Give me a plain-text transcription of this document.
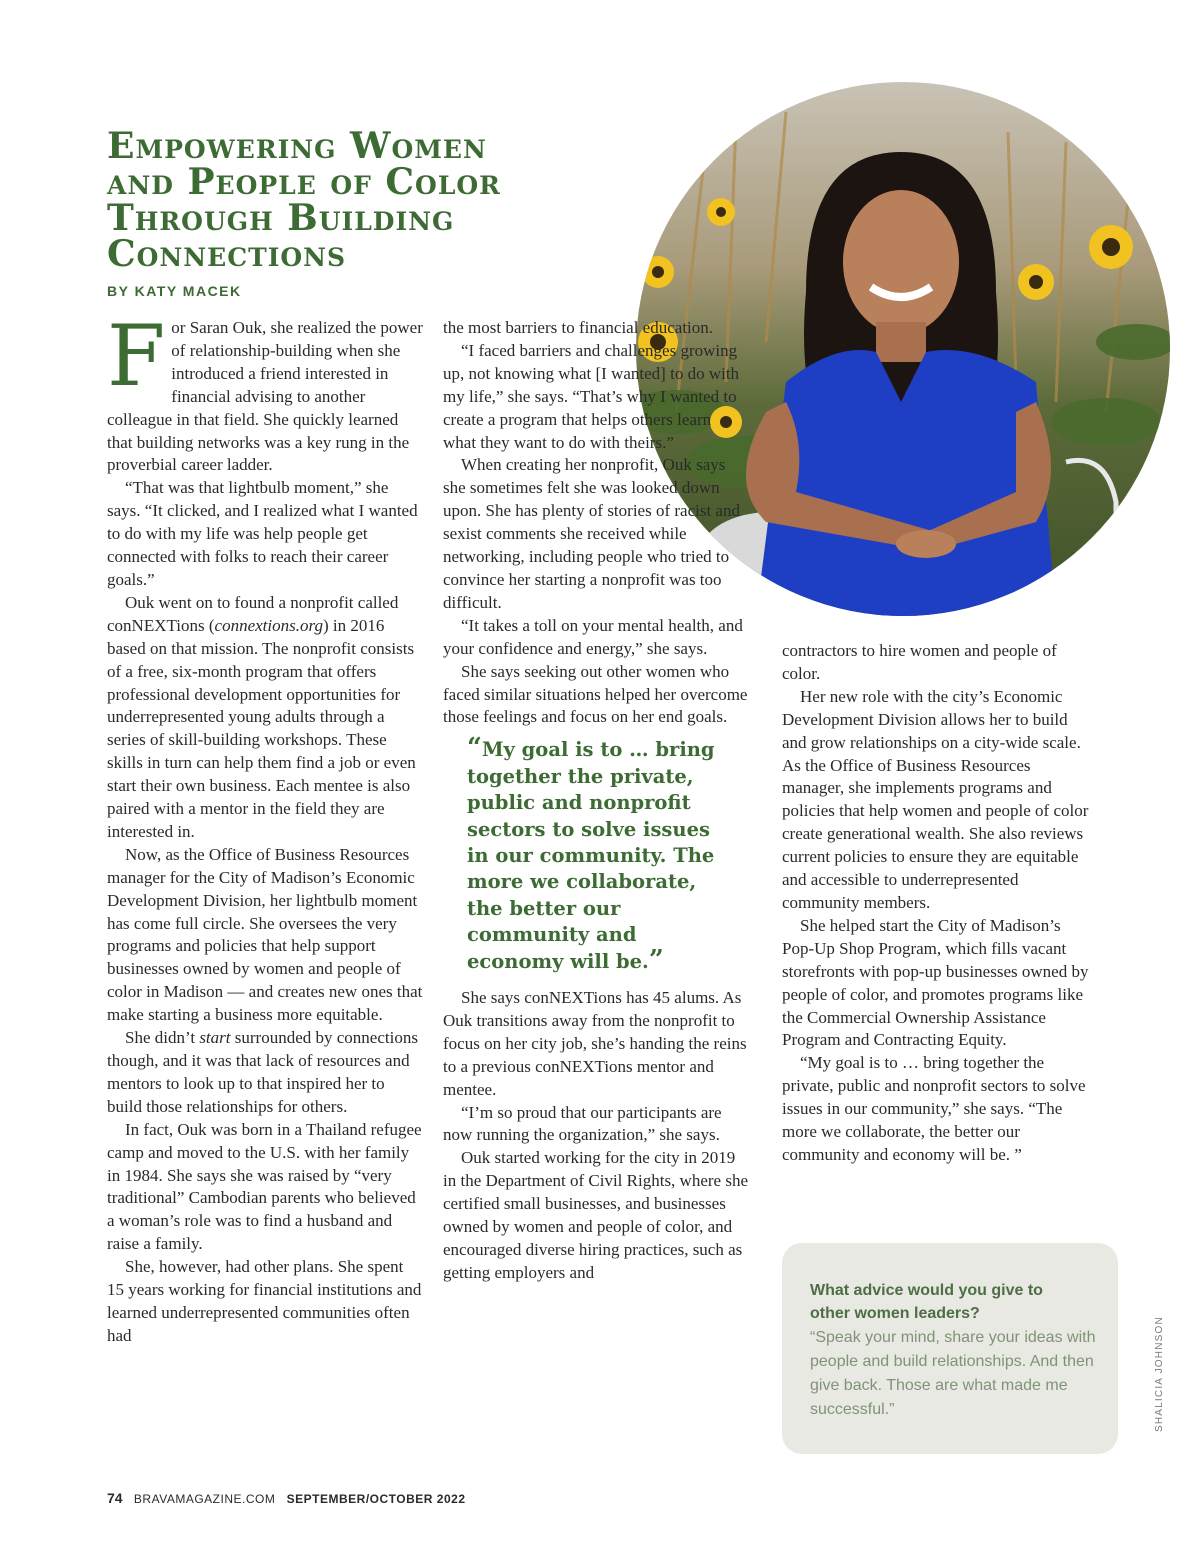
Empowering Women
and People of Color
Through Building
Connections
BY KATY MACEK

For Saran Ouk, she realized the power of relationship-building when she introduced a friend interested in financial advising to another colleague in that field. She quickly learned that building networks was a key rung in the proverbial career ladder.

“That was that lightbulb moment,” she says. “It clicked, and I realized what I wanted to do with my life was help people get connected with folks to reach their career goals.”

Ouk went on to found a nonprofit called conNEXTions (connextions.org) in 2016 based on that mission. The nonprofit consists of a free, six-month program that offers professional development opportunities for underrepresented young adults through a series of skill-building workshops. These skills in turn can help them find a job or even start their own business. Each mentee is also paired with a mentor in the field they are interested in.

Now, as the Office of Business Resources manager for the City of Madison’s Economic Development Division, her lightbulb moment has come full circle. She oversees the very programs and policies that help support businesses owned by women and people of color in Madison — and creates new ones that make starting a business more equitable.

She didn’t start surrounded by connections though, and it was that lack of resources and mentors to look up to that inspired her to build those relationships for others.

In fact, Ouk was born in a Thailand refugee camp and moved to the U.S. with her family in 1984. She says she was raised by “very traditional” Cambodian parents who believed a woman’s role was to find a husband and raise a family.

She, however, had other plans. She spent 15 years working for financial institutions and learned underrepresented communities often had

the most barriers to financial education.

“I faced barriers and challenges growing up, not knowing what [I wanted] to do with my life,” she says. “That’s why I wanted to create a program that helps others learn what they want to do with theirs.”

When creating her nonprofit, Ouk says she sometimes felt she was looked down upon. She has plenty of stories of racist and sexist comments she received while networking, including people who tried to convince her starting a nonprofit was too difficult.

“It takes a toll on your mental health, and your confidence and energy,” she says.

She says seeking out other women who faced similar situations helped her overcome those feelings and focus on her end goals.

“My goal is to … bring together the private, public and nonprofit sectors to solve issues in our community. The more we collaborate, the better our community and economy will be.”

She says conNEXTions has 45 alums. As Ouk transitions away from the nonprofit to focus on her city job, she’s handing the reins to a previous conNEXTions mentor and mentee.

“I’m so proud that our participants are now running the organization,” she says.

Ouk started working for the city in 2019 in the Department of Civil Rights, where she certified small businesses, and businesses owned by women and people of color, and encouraged diverse hiring practices, such as getting employers and

contractors to hire women and people of color.

Her new role with the city’s Economic Development Division allows her to build and grow relationships on a city-wide scale. As the Office of Business Resources manager, she implements programs and policies that help women and people of color create generational wealth. She also reviews current policies to ensure they are equitable and accessible to underrepresented community members.

She helped start the City of Madison’s Pop-Up Shop Program, which fills vacant storefronts with pop-up businesses owned by people of color, and promotes programs like the Commercial Ownership Assistance Program and Contracting Equity.

“My goal is to … bring together the private, public and nonprofit sectors to solve issues in our community,” she says. “The more we collaborate, the better our community and economy will be. ”

What advice would you give to other women leaders?
“Speak your mind, share your ideas with people and build relationships. And then give back. Those are what made me successful.”	SHALICIA JOHNSON
74 BRAVAMAGAZINE.COM SEPTEMBER/OCTOBER 2022
